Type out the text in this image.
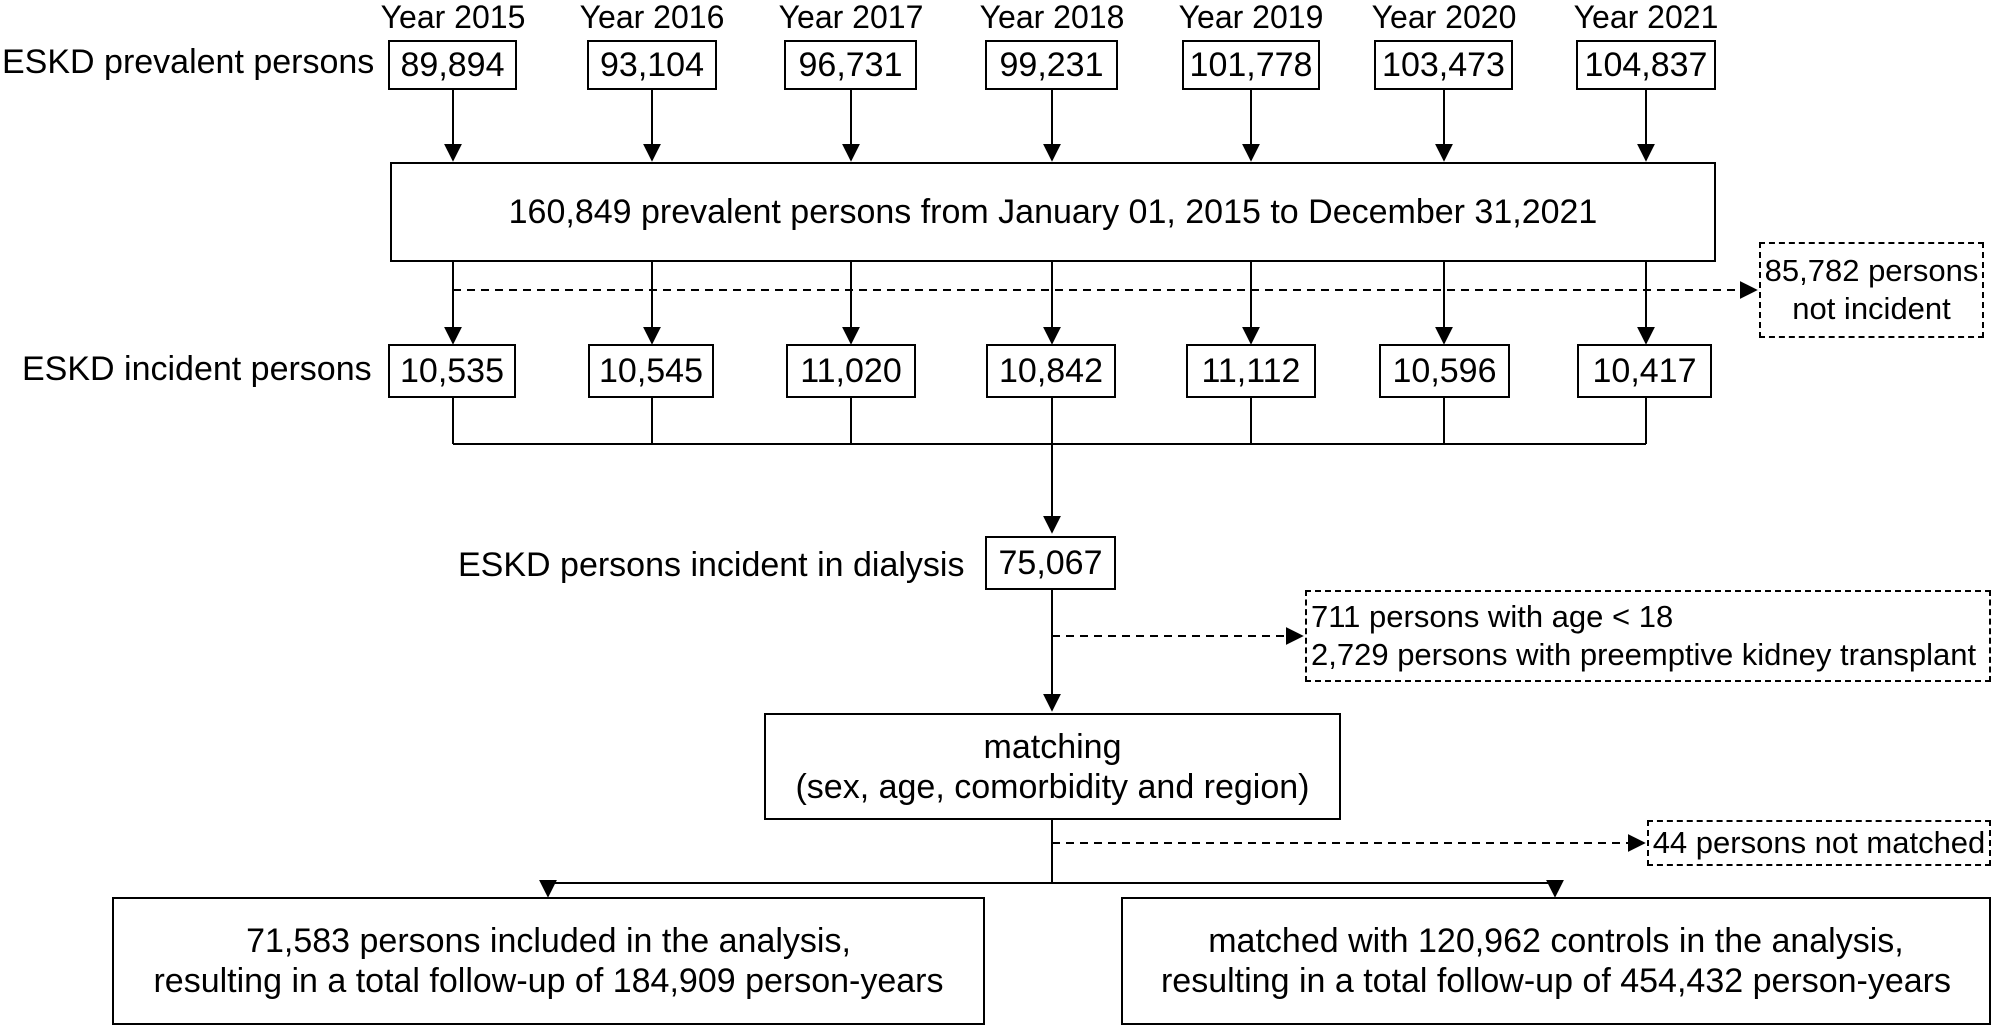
Year 2015 Year 2016 Year 2017 Year 2018 Year 2019 Year 2020 Year 2021
ESKD prevalent persons 89,894	93,104	96,731	99,231	101,778 103,473 104,837
160,849 prevalent persons from January 01, 2015 to December 31,2021
85,782 persons
not incident
ESKD incident persons 10,535	10,545	11,020	10,842	11,112	10,596	10,417
ESKD persons incident in dialysis	75,067
711 persons with age < 18
2,729 persons with preemptive kidney transplant
matching
(sex, age, comorbidity and region)
44 persons not matched
71,583 persons included in the analysis,
resulting in a total follow-up of 184,909 person-years
matched with 120,962 controls in the analysis,
resulting in a total follow-up of 454,432 person-years
